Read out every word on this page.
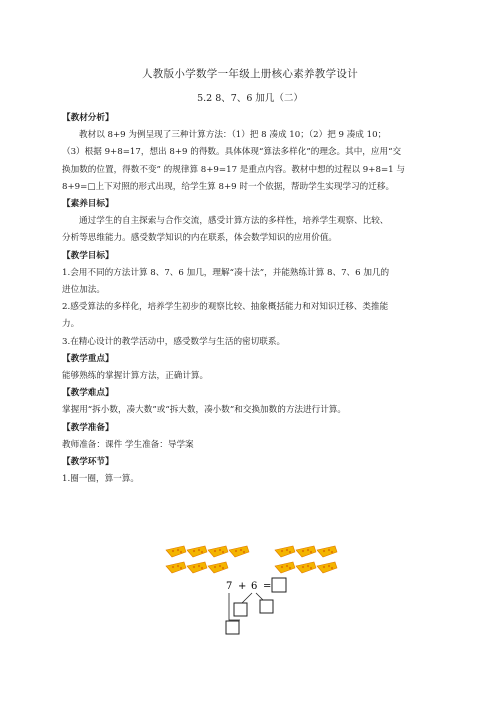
人教版小学数学一年级上册核心素养教学设计
5.2 8、7、6 加几（二）
【教材分析】
教材以 8+9 为例呈现了三种计算方法：（1）把 8 凑成 10；（2）把 9 凑成 10；
（3）根据 9+8=17，想出 8+9 的得数。具体体现“算法多样化”的理念。其中，应用“交
换加数的位置，得数不变” 的规律算 8+9=17 是重点内容。教材中想的过程以 9+8=1 与
8+9=□上下对照的形式出现，给学生算 8+9 时一个依据，帮助学生实现学习的迁移。
【素养目标】
通过学生的自主探索与合作交流，感受计算方法的多样性，培养学生观察、比较、
分析等思维能力。感受数学知识的内在联系，体会数学知识的应用价值。
【教学目标】
1.会用不同的方法计算 8、7、6 加几，理解“凑十法”，并能熟练计算 8、7、6 加几的
进位加法。
2.感受算法的多样化，培养学生初步的观察比较、抽象概括能力和对知识迁移、类推能
力。
3.在精心设计的教学活动中，感受数学与生活的密切联系。
【教学重点】
能够熟练的掌握计算方法，正确计算。
【教学难点】
掌握用“拆小数，凑大数”或“拆大数，凑小数”和交换加数的方法进行计算。
【教学准备】
教师准备：课件 学生准备：导学案
【教学环节】
1.圈一圈，算一算。
7 + 6 =
